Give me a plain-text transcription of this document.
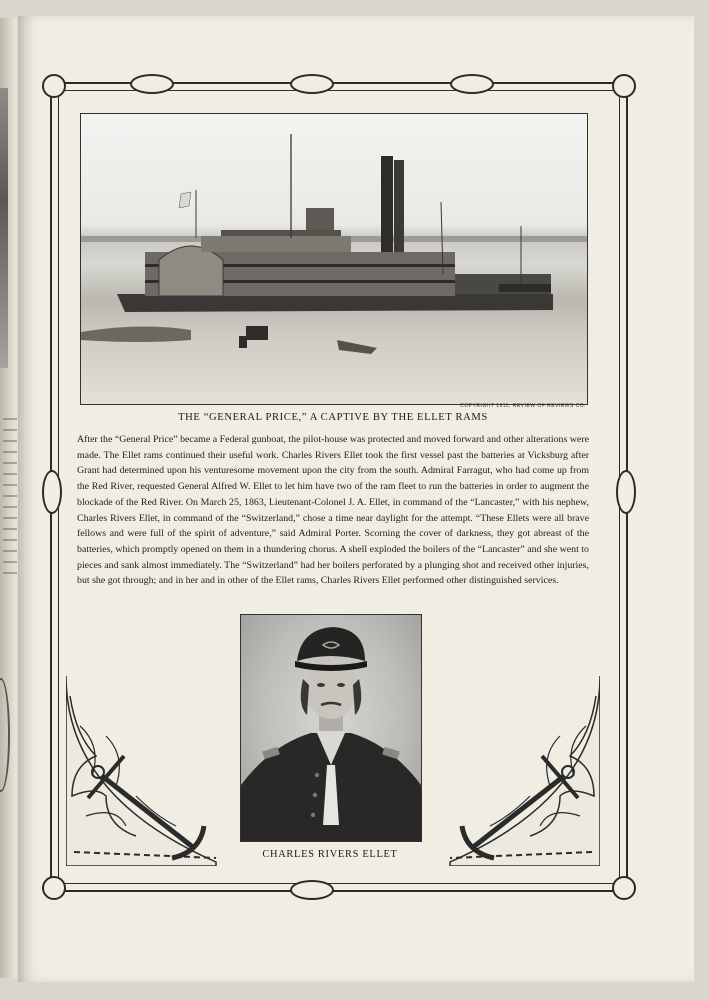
COPYRIGHT 1911, REVIEW OF REVIEWS CO.
THE “GENERAL PRICE,” A CAPTIVE BY THE ELLET RAMS
After the “General Price” became a Federal gunboat, the pilot-house was protected and moved forward and other alterations were made. The Ellet rams continued their useful work. Charles Rivers Ellet took the first vessel past the batteries at Vicksburg after Grant had determined upon his venturesome movement upon the city from the south. Admiral Farragut, who had come up from the Red River, requested General Alfred W. Ellet to let him have two of the ram fleet to run the batteries in order to augment the blockade of the Red River. On March 25, 1863, Lieutenant-Colonel J. A. Ellet, in command of the “Lancaster,” with his nephew, Charles Rivers Ellet, in command of the “Switzerland,” chose a time near daylight for the attempt. “These Ellets were all brave fellows and were full of the spirit of adventure,” said Admiral Porter. Scorning the cover of darkness, they got abreast of the batteries, which promptly opened on them in a thundering chorus. A shell exploded the boilers of the “Lancaster” and she went to pieces and sank almost immediately. The “Switzerland” had her boilers perforated by a plunging shot and received other injuries, but she got through; and in her and in other of the Ellet rams, Charles Rivers Ellet performed other distinguished services.
CHARLES RIVERS ELLET
